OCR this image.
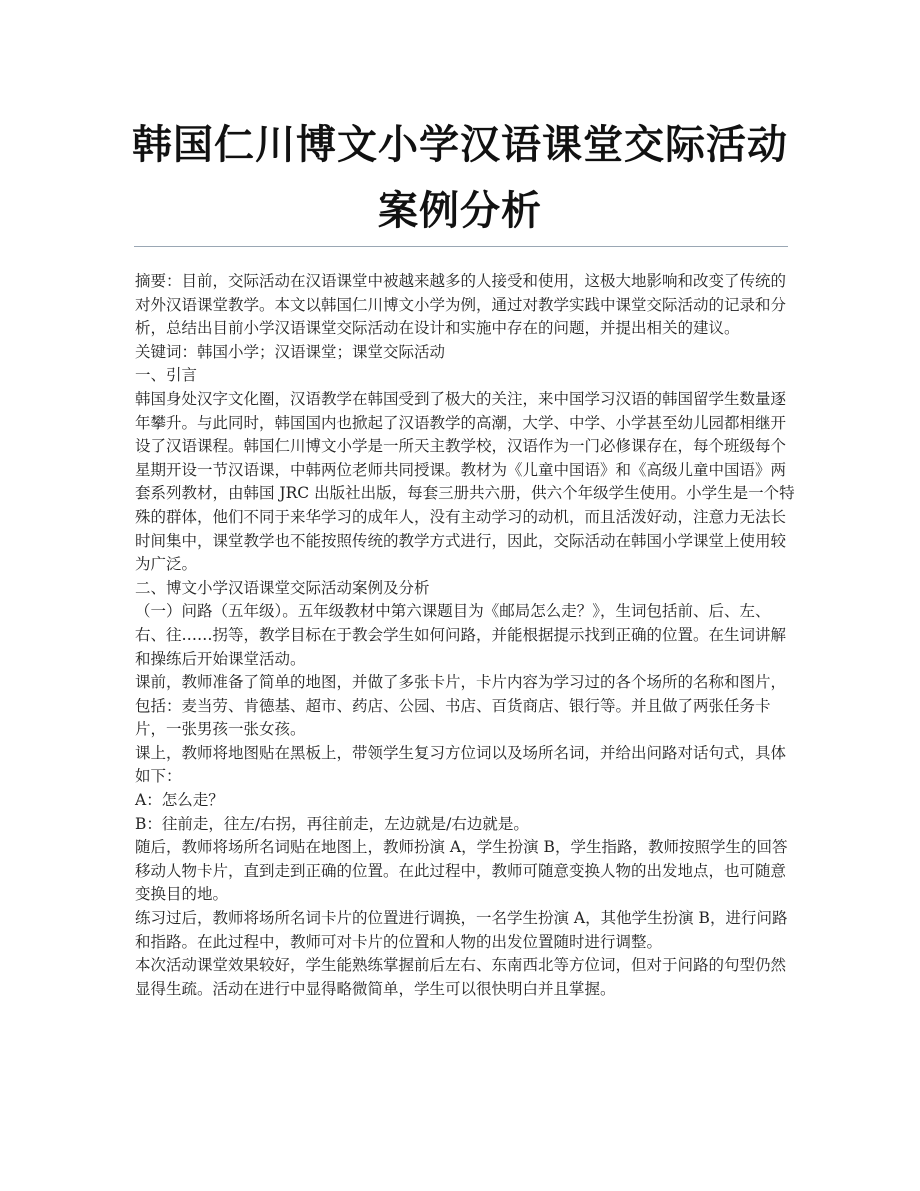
韩国仁川博文小学汉语课堂交际活动
案例分析

摘要：目前，交际活动在汉语课堂中被越来越多的人接受和使用，这极大地影响和改变了传统的对外汉语课堂教学。本文以韩国仁川博文小学为例，通过对教学实践中课堂交际活动的记录和分析，总结出目前小学汉语课堂交际活动在设计和实施中存在的问题，并提出相关的建议。

关键词：韩国小学；汉语课堂；课堂交际活动

一、引言

韩国身处汉字文化圈，汉语教学在韩国受到了极大的关注，来中国学习汉语的韩国留学生数量逐年攀升。与此同时，韩国国内也掀起了汉语教学的高潮，大学、中学、小学甚至幼儿园都相继开设了汉语课程。韩国仁川博文小学是一所天主教学校，汉语作为一门必修课存在，每个班级每个星期开设一节汉语课，中韩两位老师共同授课。教材为《儿童中国语》和《高级儿童中国语》两套系列教材，由韩国 JRC 出版社出版，每套三册共六册，供六个年级学生使用。小学生是一个特殊的群体，他们不同于来华学习的成年人，没有主动学习的动机，而且活泼好动，注意力无法长时间集中，课堂教学也不能按照传统的教学方式进行，因此，交际活动在韩国小学课堂上使用较为广泛。

二、博文小学汉语课堂交际活动案例及分析

（一）问路（五年级）。五年级教材中第六课题目为《邮局怎么走？》，生词包括前、后、左、右、往……拐等，教学目标在于教会学生如何问路，并能根据提示找到正确的位置。在生词讲解和操练后开始课堂活动。

课前，教师准备了简单的地图，并做了多张卡片，卡片内容为学习过的各个场所的名称和图片，包括：麦当劳、肯德基、超市、药店、公园、书店、百货商店、银行等。并且做了两张任务卡片，一张男孩一张女孩。

课上，教师将地图贴在黑板上，带领学生复习方位词以及场所名词，并给出问路对话句式，具体如下：

A：怎么走？

B：往前走，往左/右拐，再往前走，左边就是/右边就是。

随后，教师将场所名词贴在地图上，教师扮演 A，学生扮演 B，学生指路，教师按照学生的回答移动人物卡片，直到走到正确的位置。在此过程中，教师可随意变换人物的出发地点，也可随意变换目的地。

练习过后，教师将场所名词卡片的位置进行调换，一名学生扮演 A，其他学生扮演 B，进行问路和指路。在此过程中，教师可对卡片的位置和人物的出发位置随时进行调整。

本次活动课堂效果较好，学生能熟练掌握前后左右、东南西北等方位词，但对于问路的句型仍然显得生疏。活动在进行中显得略微简单，学生可以很快明白并且掌握。
